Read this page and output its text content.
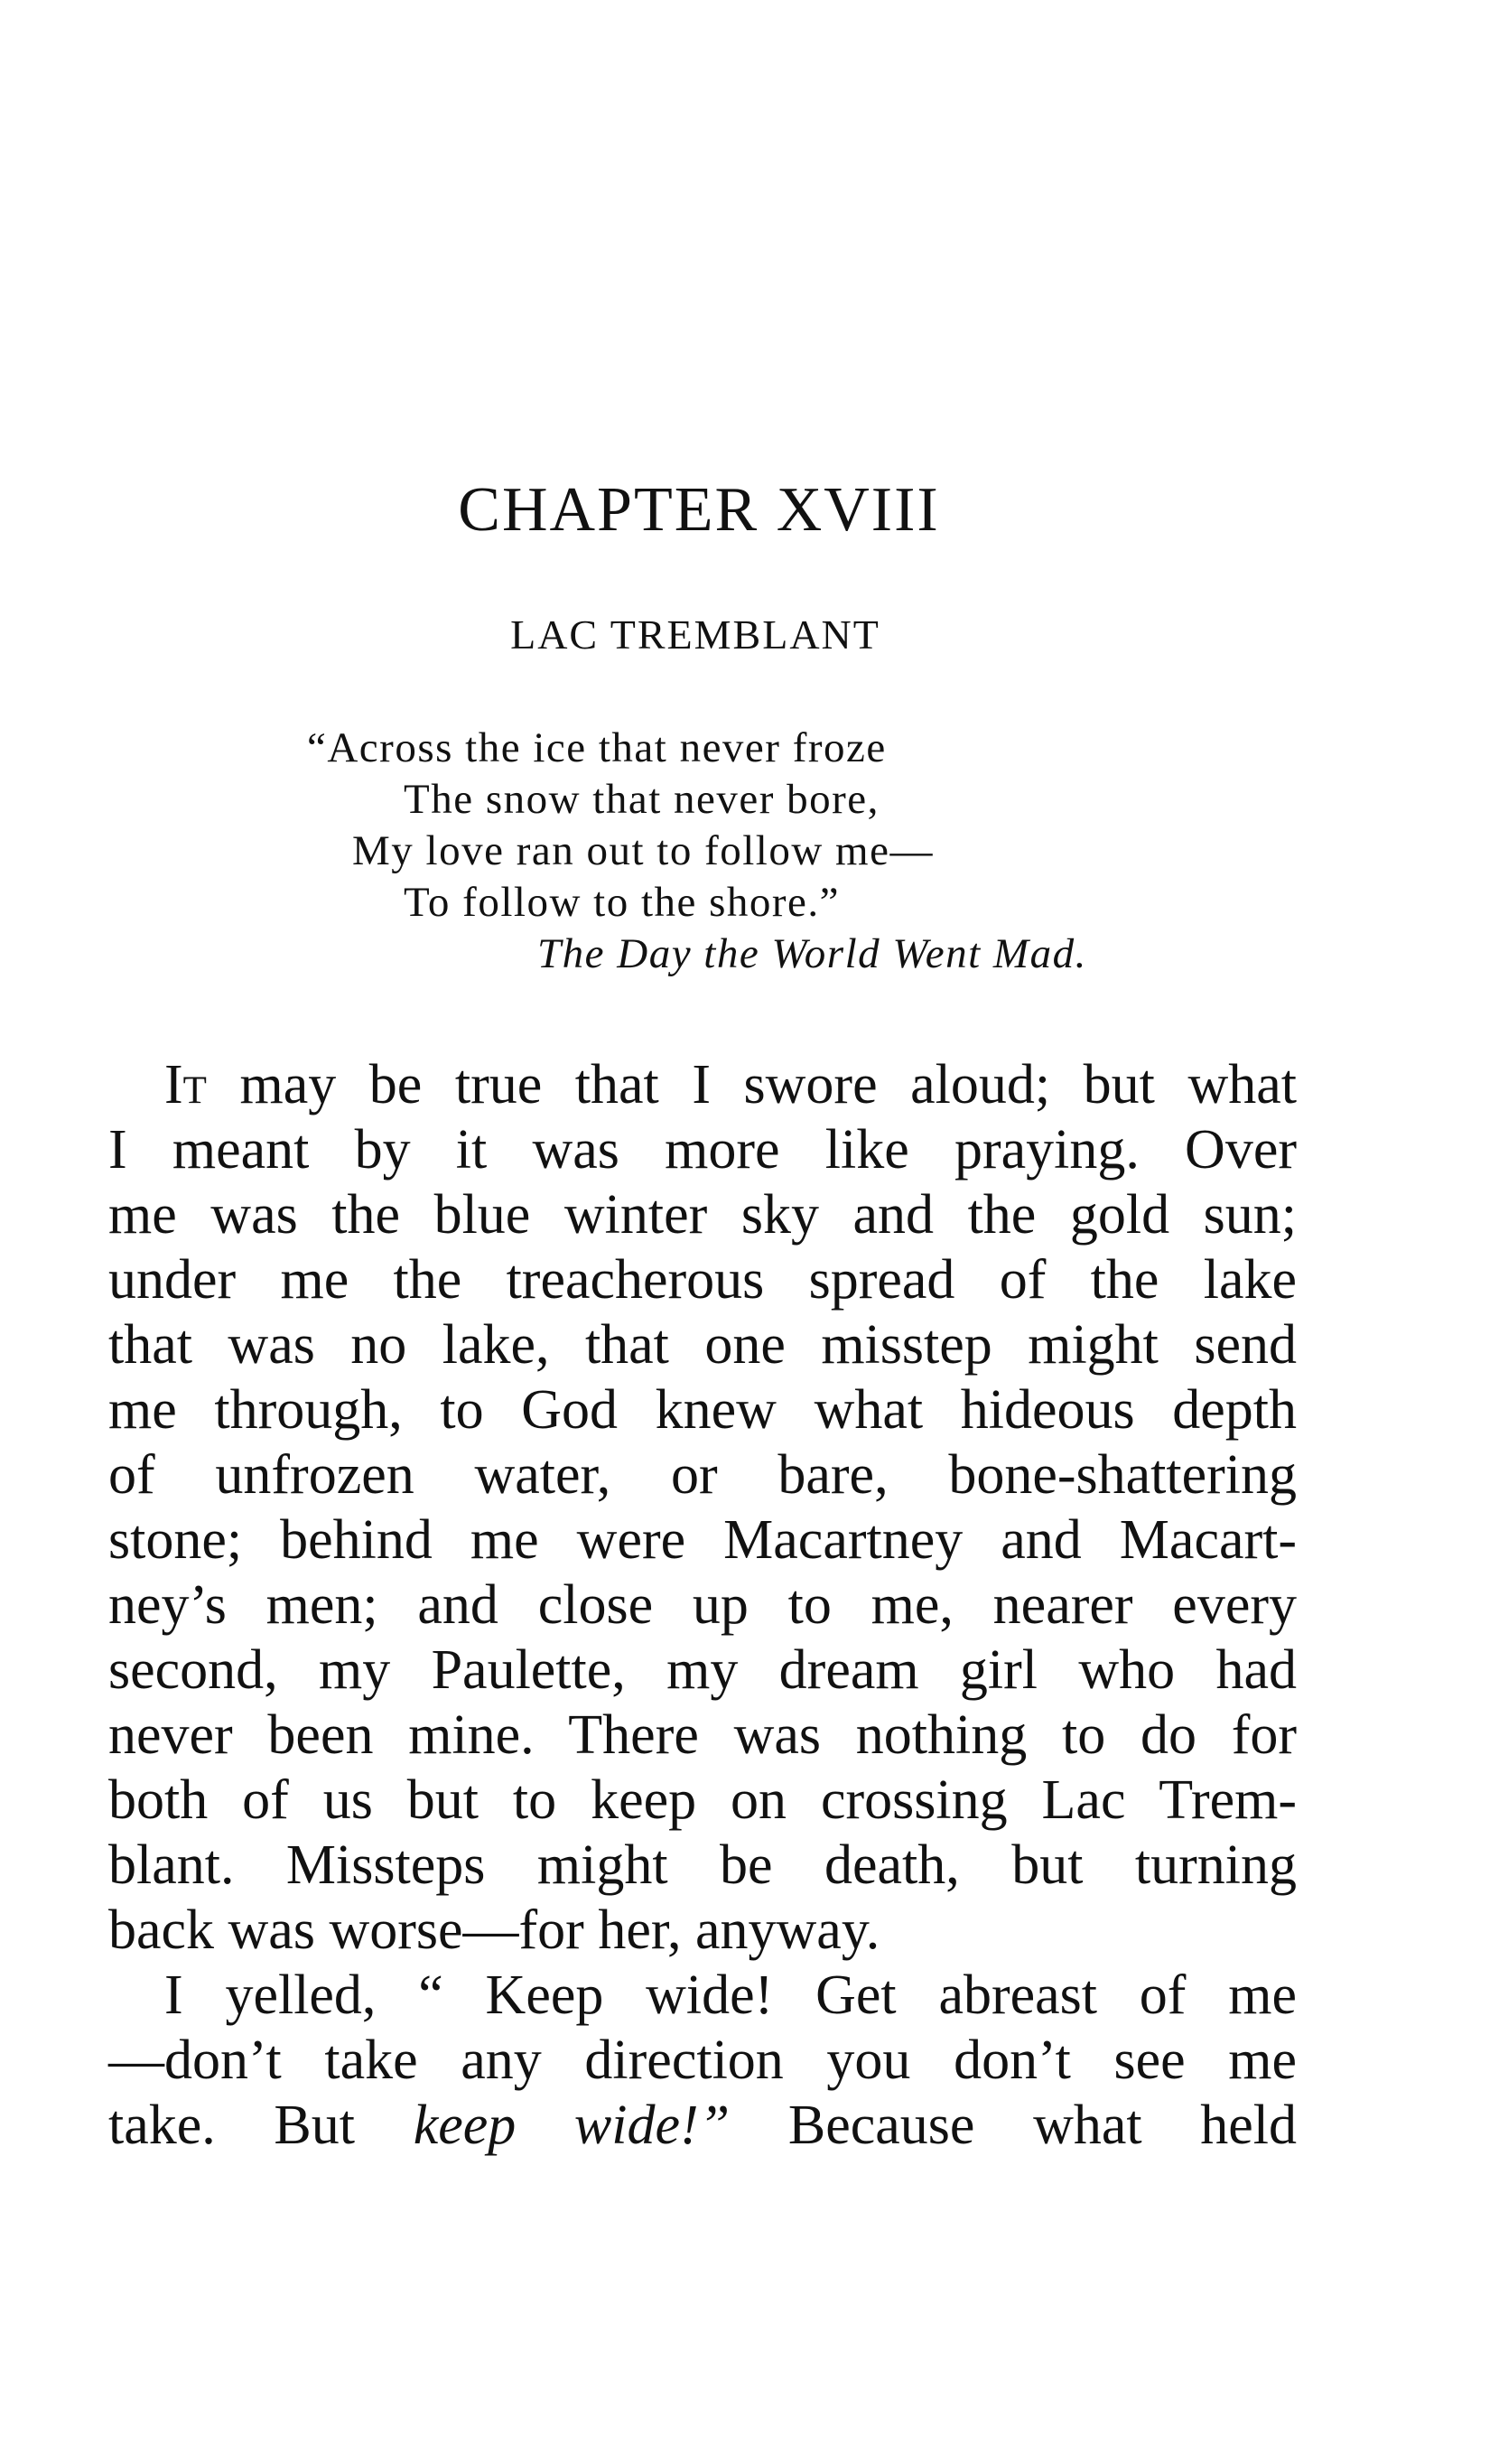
CHAPTER XVIII
LAC TREMBLANT
“Across the ice that never froze
The snow that never bore,
My love ran out to follow me—
To follow to the shore.”
The Day the World Went Mad.

It may be true that I swore aloud; but what
I meant by it was more like praying. Over
me was the blue winter sky and the gold sun;
under me the treacherous spread of the lake
that was no lake, that one misstep might send
me through, to God knew what hideous depth
of unfrozen water, or bare, bone-shattering
stone; behind me were Macartney and Macart-
ney’s men; and close up to me, nearer every
second, my Paulette, my dream girl who had
never been mine. There was nothing to do for
both of us but to keep on crossing Lac Trem-
blant. Missteps might be death, but turning
back was worse—for her, anyway.

I yelled, “ Keep wide! Get abreast of me
—don’t take any direction you don’t see me
take. But keep wide!” Because what held
